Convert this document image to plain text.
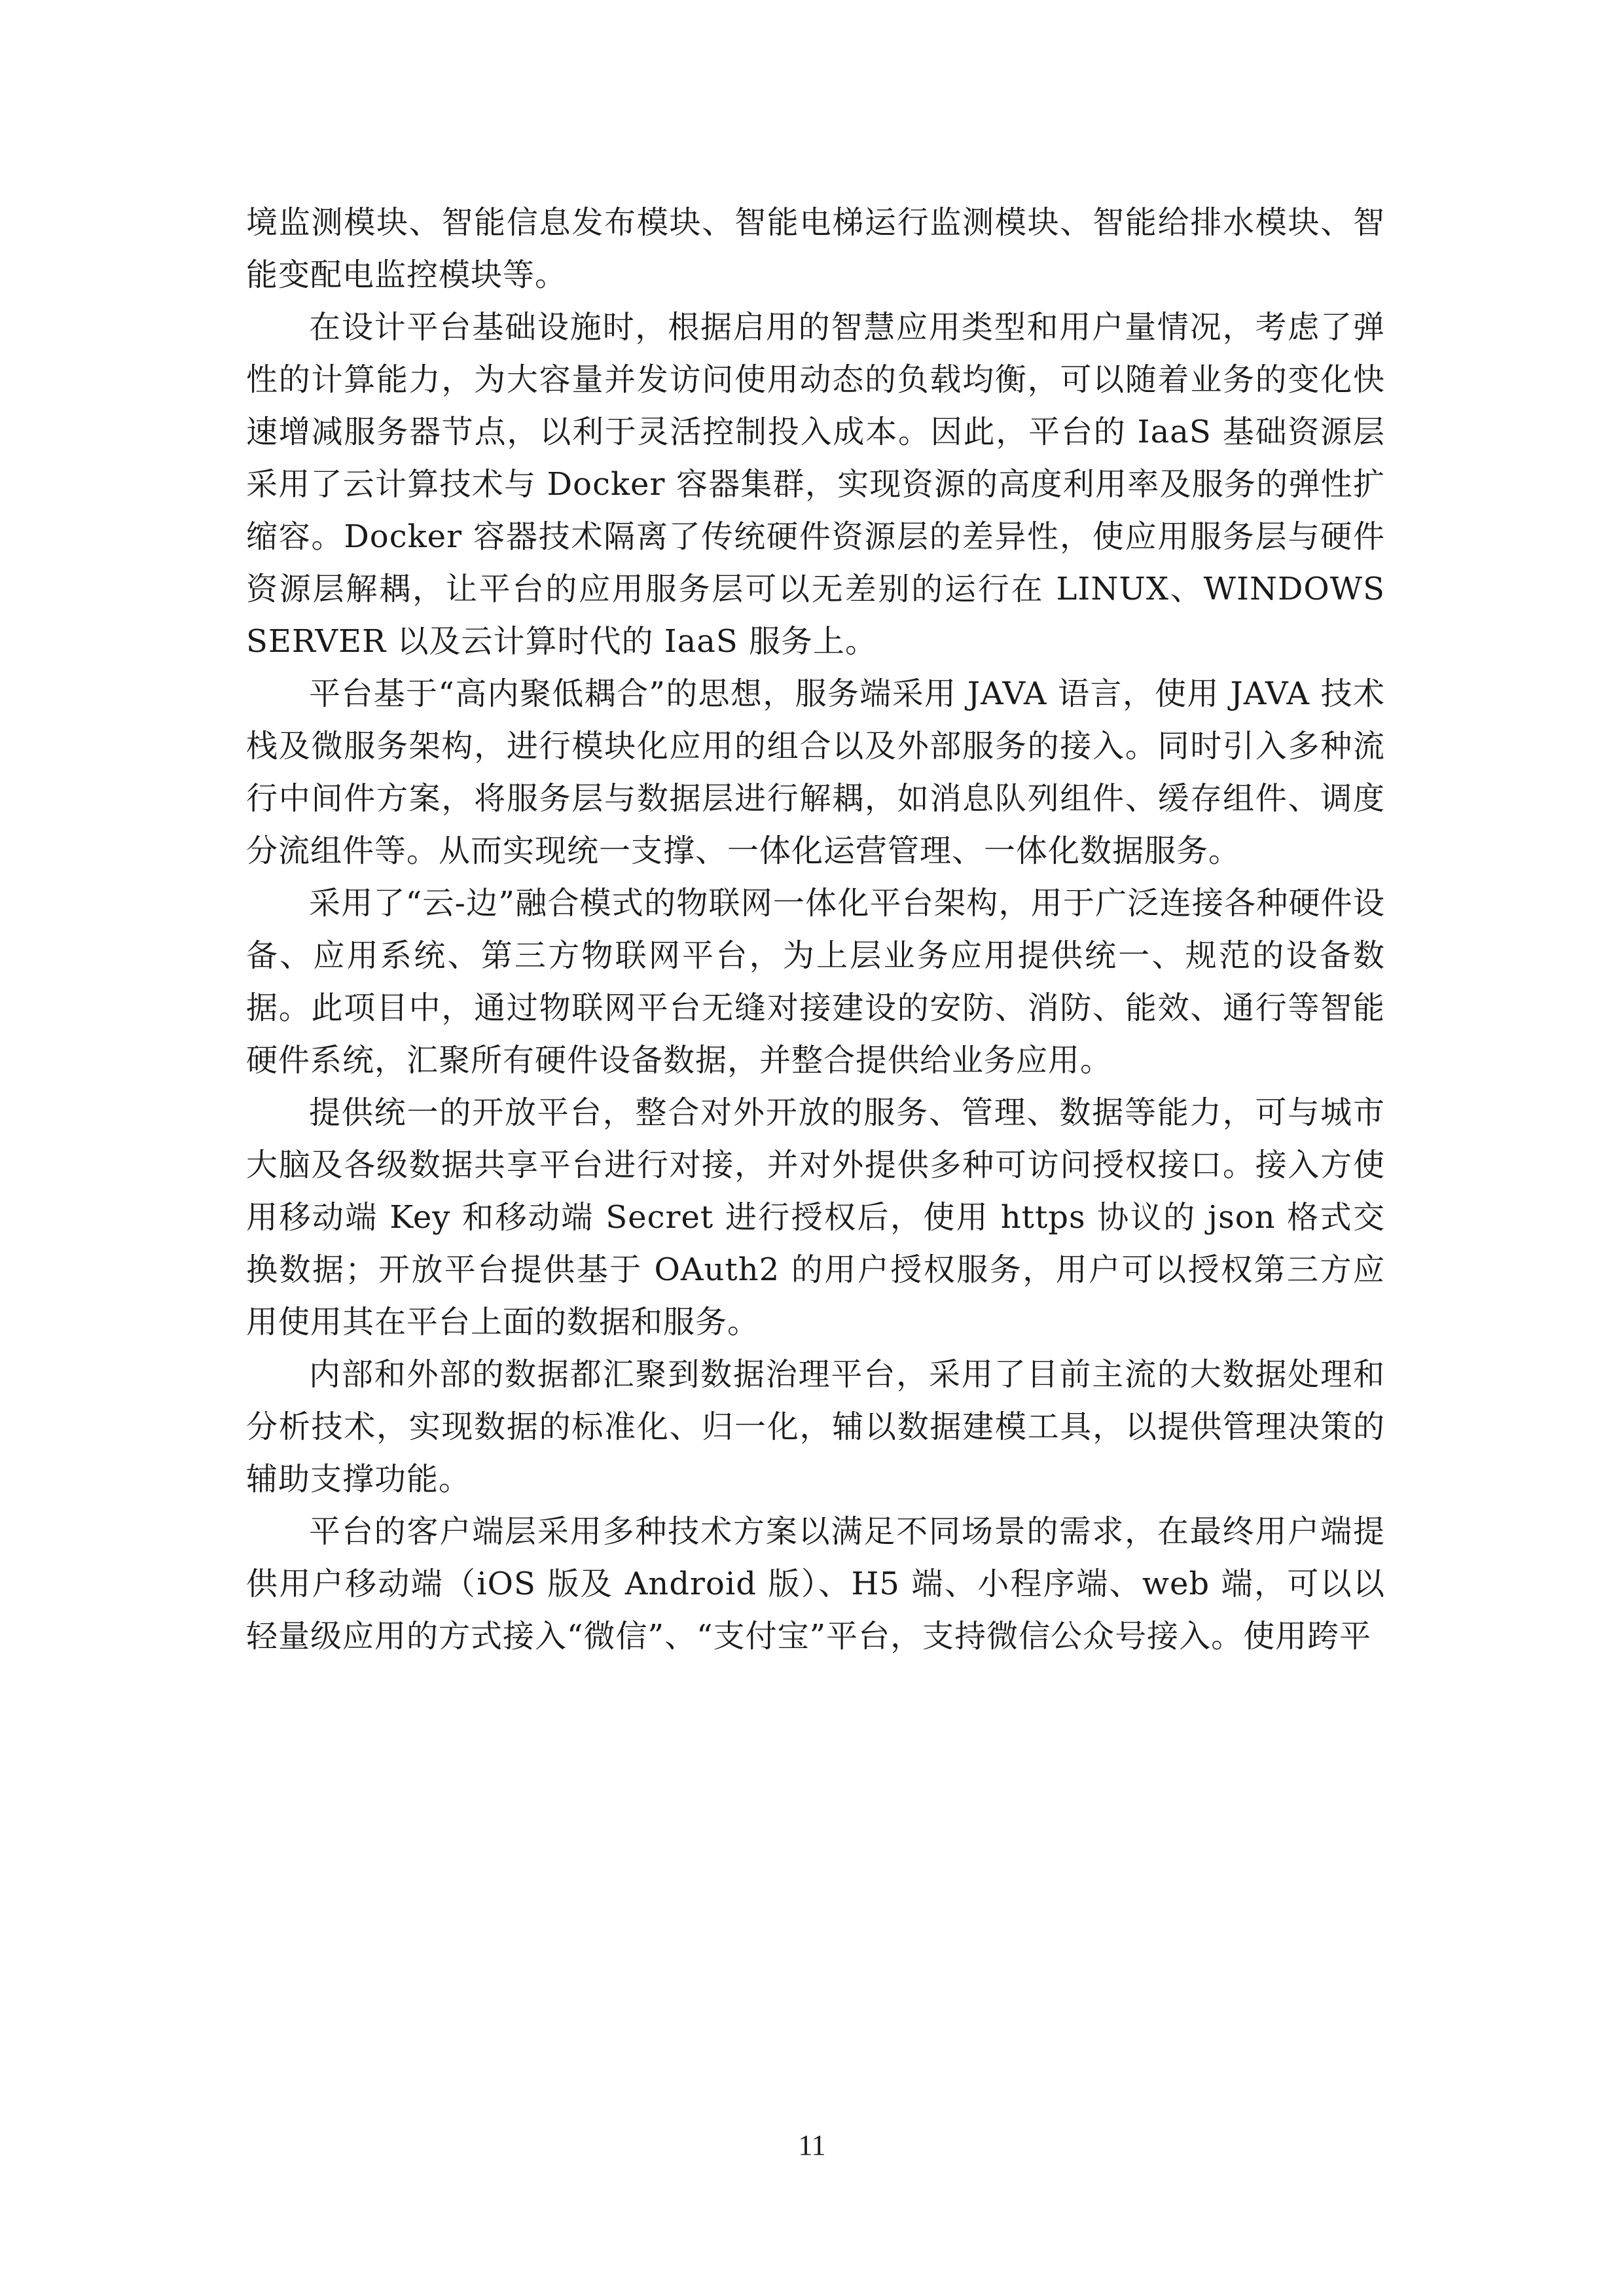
境监测模块、智能信息发布模块、智能电梯运行监测模块、智能给排水模块、智能变配电监控模块等。

在设计平台基础设施时，根据启用的智慧应用类型和用户量情况，考虑了弹性的计算能力，为大容量并发访问使用动态的负载均衡，可以随着业务的变化快速增减服务器节点，以利于灵活控制投入成本。因此，平台的 IaaS 基础资源层采用了云计算技术与 Docker 容器集群，实现资源的高度利用率及服务的弹性扩缩容。Docker 容器技术隔离了传统硬件资源层的差异性，使应用服务层与硬件资源层解耦，让平台的应用服务层可以无差别的运行在 LINUX、WINDOWS SERVER 以及云计算时代的 IaaS 服务上。

平台基于“高内聚低耦合”的思想，服务端采用 JAVA 语言，使用 JAVA 技术栈及微服务架构，进行模块化应用的组合以及外部服务的接入。同时引入多种流行中间件方案，将服务层与数据层进行解耦，如消息队列组件、缓存组件、调度分流组件等。从而实现统一支撑、一体化运营管理、一体化数据服务。

采用了“云-边”融合模式的物联网一体化平台架构，用于广泛连接各种硬件设备、应用系统、第三方物联网平台，为上层业务应用提供统一、规范的设备数据。此项目中，通过物联网平台无缝对接建设的安防、消防、能效、通行等智能硬件系统，汇聚所有硬件设备数据，并整合提供给业务应用。

提供统一的开放平台，整合对外开放的服务、管理、数据等能力，可与城市大脑及各级数据共享平台进行对接，并对外提供多种可访问授权接口。接入方使用移动端 Key 和移动端 Secret 进行授权后，使用 https 协议的 json 格式交换数据；开放平台提供基于 OAuth2 的用户授权服务，用户可以授权第三方应用使用其在平台上面的数据和服务。

内部和外部的数据都汇聚到数据治理平台，采用了目前主流的大数据处理和分析技术，实现数据的标准化、归一化，辅以数据建模工具，以提供管理决策的辅助支撑功能。

平台的客户端层采用多种技术方案以满足不同场景的需求，在最终用户端提供用户移动端（iOS 版及 Android 版）、H5 端、小程序端、web 端，可以以轻量级应用的方式接入“微信”、“支付宝”平台，支持微信公众号接入。使用跨平

11
